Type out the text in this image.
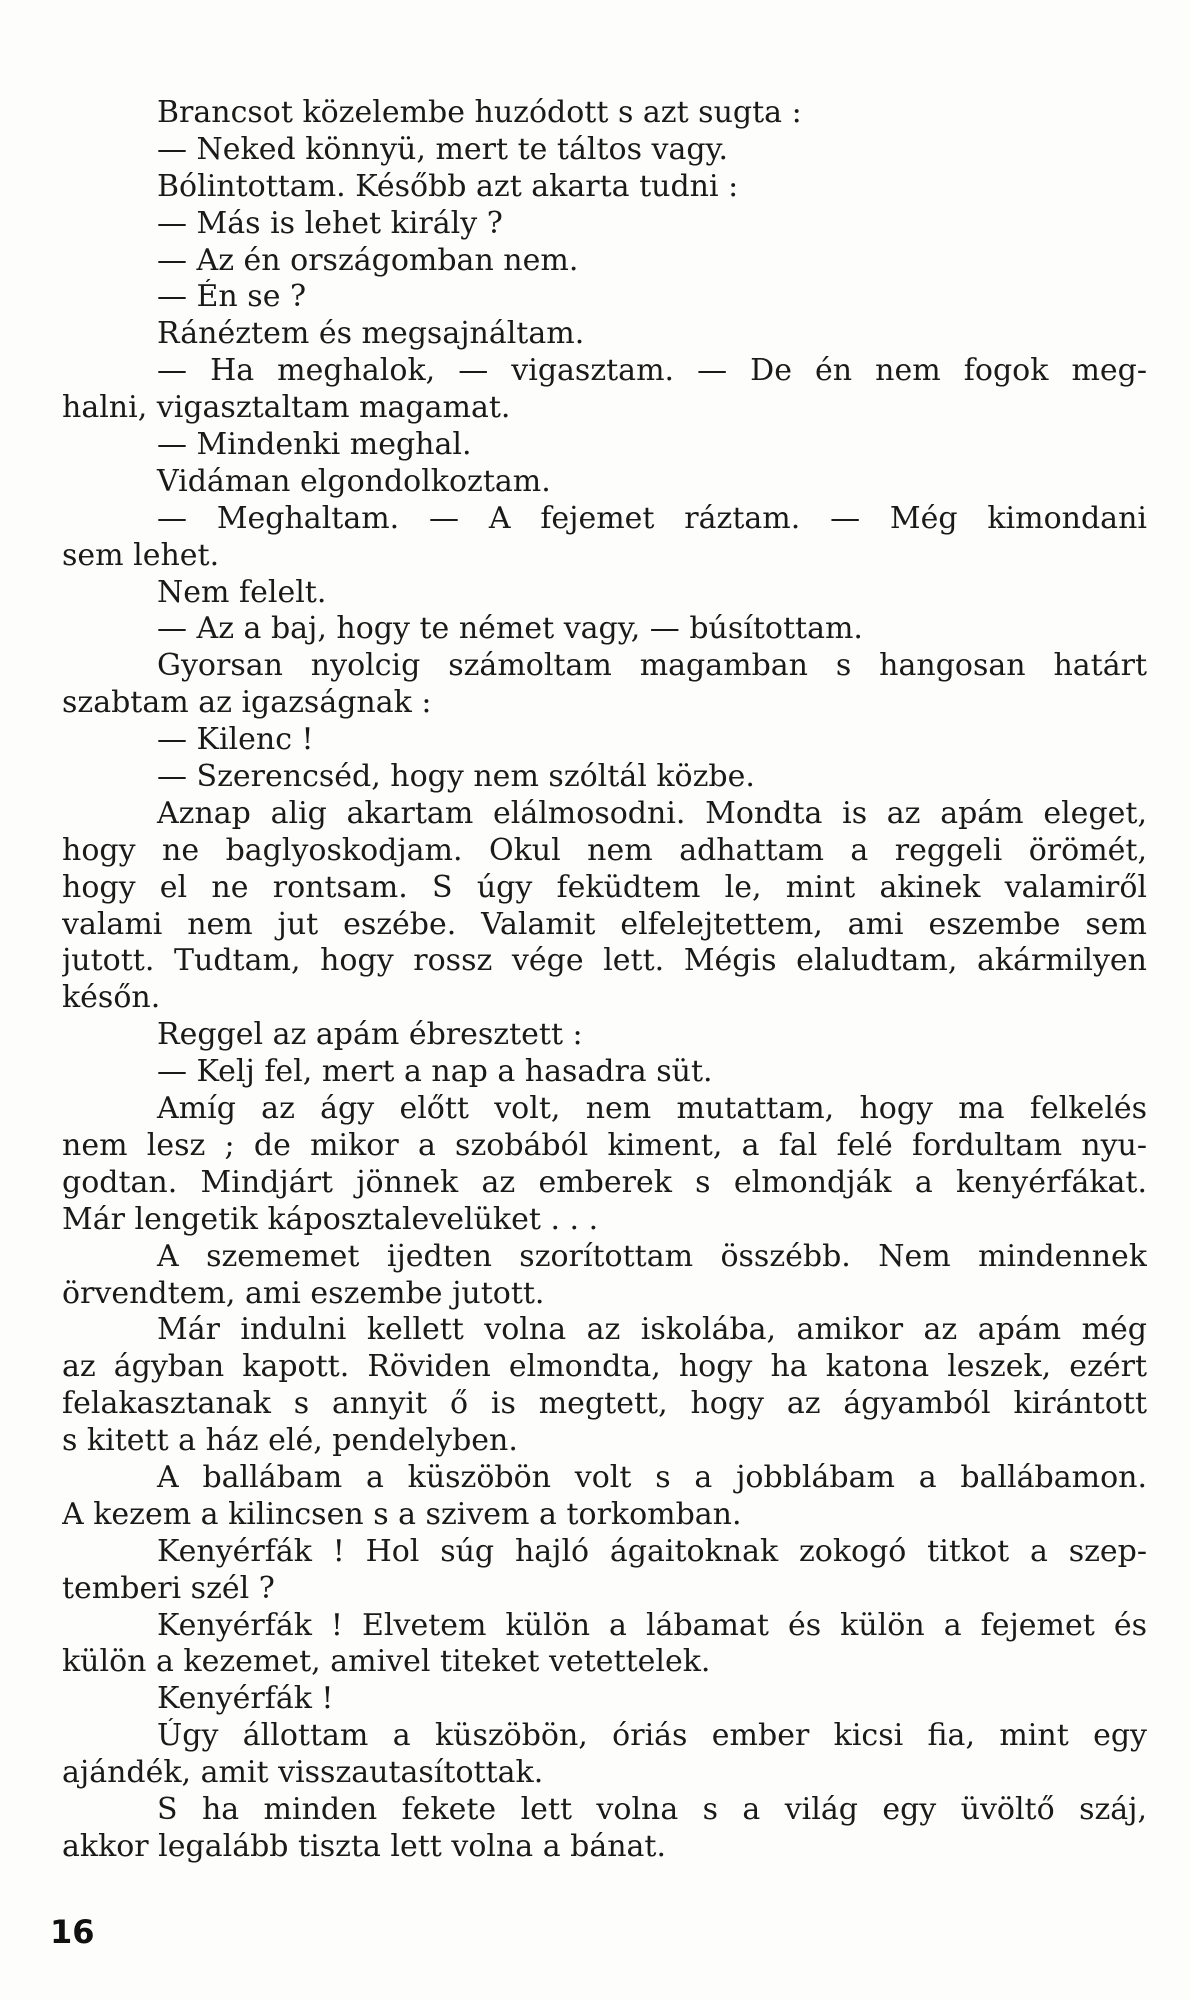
Brancsot közelembe huzódott s azt sugta :
— Neked könnyü, mert te táltos vagy.
Bólintottam. Később azt akarta tudni :
— Más is lehet király ?
— Az én országomban nem.
— Én se ?
Ránéztem és megsajnáltam.
— Ha meghalok, — vigasztam. — De én nem fogok meg-
halni, vigasztaltam magamat.
— Mindenki meghal.
Vidáman elgondolkoztam.
— Meghaltam. — A fejemet ráztam. — Még kimondani
sem lehet.
Nem felelt.
— Az a baj, hogy te német vagy, — búsítottam.
Gyorsan nyolcig számoltam magamban s hangosan határt
szabtam az igazságnak :
— Kilenc !
— Szerencséd, hogy nem szóltál közbe.
Aznap alig akartam elálmosodni. Mondta is az apám eleget,
hogy ne baglyoskodjam. Okul nem adhattam a reggeli örömét,
hogy el ne rontsam. S úgy feküdtem le, mint akinek valamiről
valami nem jut eszébe. Valamit elfelejtettem, ami eszembe sem
jutott. Tudtam, hogy rossz vége lett. Mégis elaludtam, akármilyen
későn.
Reggel az apám ébresztett :
— Kelj fel, mert a nap a hasadra süt.
Amíg az ágy előtt volt, nem mutattam, hogy ma felkelés
nem lesz ; de mikor a szobából kiment, a fal felé fordultam nyu-
godtan. Mindjárt jönnek az emberek s elmondják a kenyérfákat.
Már lengetik káposztalevelüket . . .
A szememet ijedten szorítottam összébb. Nem mindennek
örvendtem, ami eszembe jutott.
Már indulni kellett volna az iskolába, amikor az apám még
az ágyban kapott. Röviden elmondta, hogy ha katona leszek, ezért
felakasztanak s annyit ő is megtett, hogy az ágyamból kirántott
s kitett a ház elé, pendelyben.
A ballábam a küszöbön volt s a jobblábam a ballábamon.
A kezem a kilincsen s a szivem a torkomban.
Kenyérfák ! Hol súg hajló ágaitoknak zokogó titkot a szep-
temberi szél ?
Kenyérfák ! Elvetem külön a lábamat és külön a fejemet és
külön a kezemet, amivel titeket vetettelek.
Kenyérfák !
Úgy állottam a küszöbön, óriás ember kicsi fia, mint egy
ajándék, amit visszautasítottak.
S ha minden fekete lett volna s a világ egy üvöltő száj,
akkor legalább tiszta lett volna a bánat.
16
